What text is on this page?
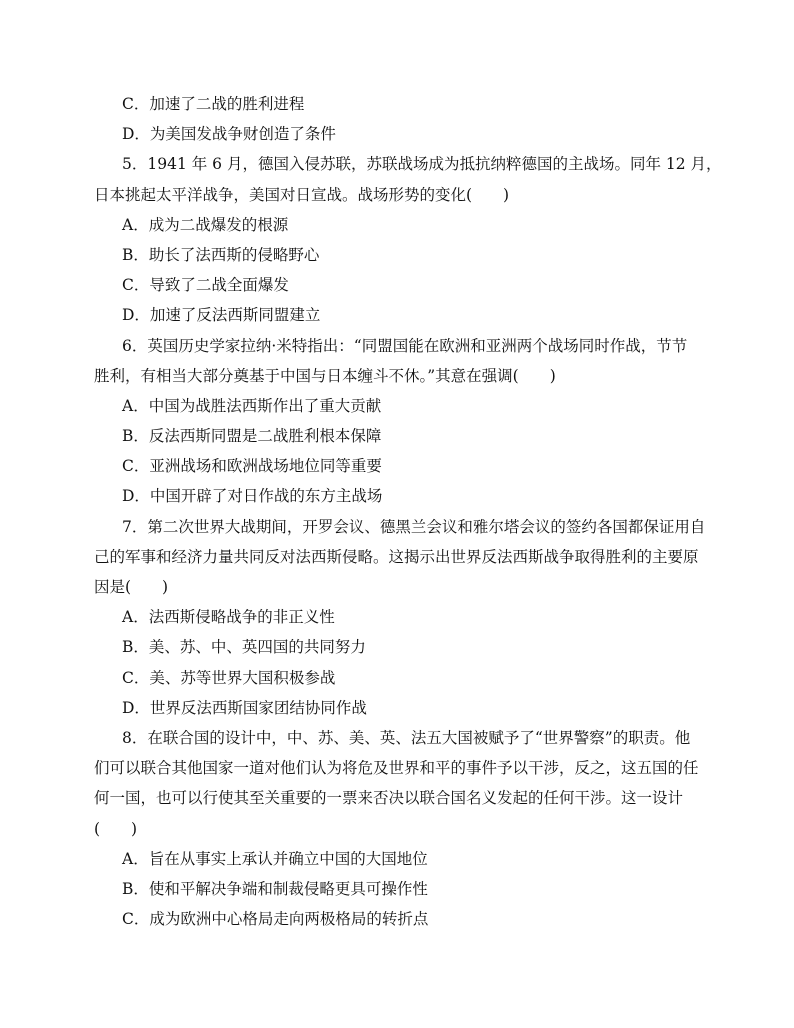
C．加速了二战的胜利进程
D．为美国发战争财创造了条件
5．1941 年 6 月，德国入侵苏联，苏联战场成为抵抗纳粹德国的主战场。同年 12 月，
日本挑起太平洋战争，美国对日宣战。战场形势的变化(　　)
A．成为二战爆发的根源
B．助长了法西斯的侵略野心
C．导致了二战全面爆发
D．加速了反法西斯同盟建立
6．英国历史学家拉纳·米特指出：“同盟国能在欧洲和亚洲两个战场同时作战，节节
胜利，有相当大部分奠基于中国与日本缠斗不休。”其意在强调(　　)
A．中国为战胜法西斯作出了重大贡献
B．反法西斯同盟是二战胜利根本保障
C．亚洲战场和欧洲战场地位同等重要
D．中国开辟了对日作战的东方主战场
7．第二次世界大战期间，开罗会议、德黑兰会议和雅尔塔会议的签约各国都保证用自
己的军事和经济力量共同反对法西斯侵略。这揭示出世界反法西斯战争取得胜利的主要原
因是(　　)
A．法西斯侵略战争的非正义性
B．美、苏、中、英四国的共同努力
C．美、苏等世界大国积极参战
D．世界反法西斯国家团结协同作战
8．在联合国的设计中，中、苏、美、英、法五大国被赋予了“世界警察”的职责。他
们可以联合其他国家一道对他们认为将危及世界和平的事件予以干涉，反之，这五国的任
何一国，也可以行使其至关重要的一票来否决以联合国名义发起的任何干涉。这一设计
(　　)
A．旨在从事实上承认并确立中国的大国地位
B．使和平解决争端和制裁侵略更具可操作性
C．成为欧洲中心格局走向两极格局的转折点
